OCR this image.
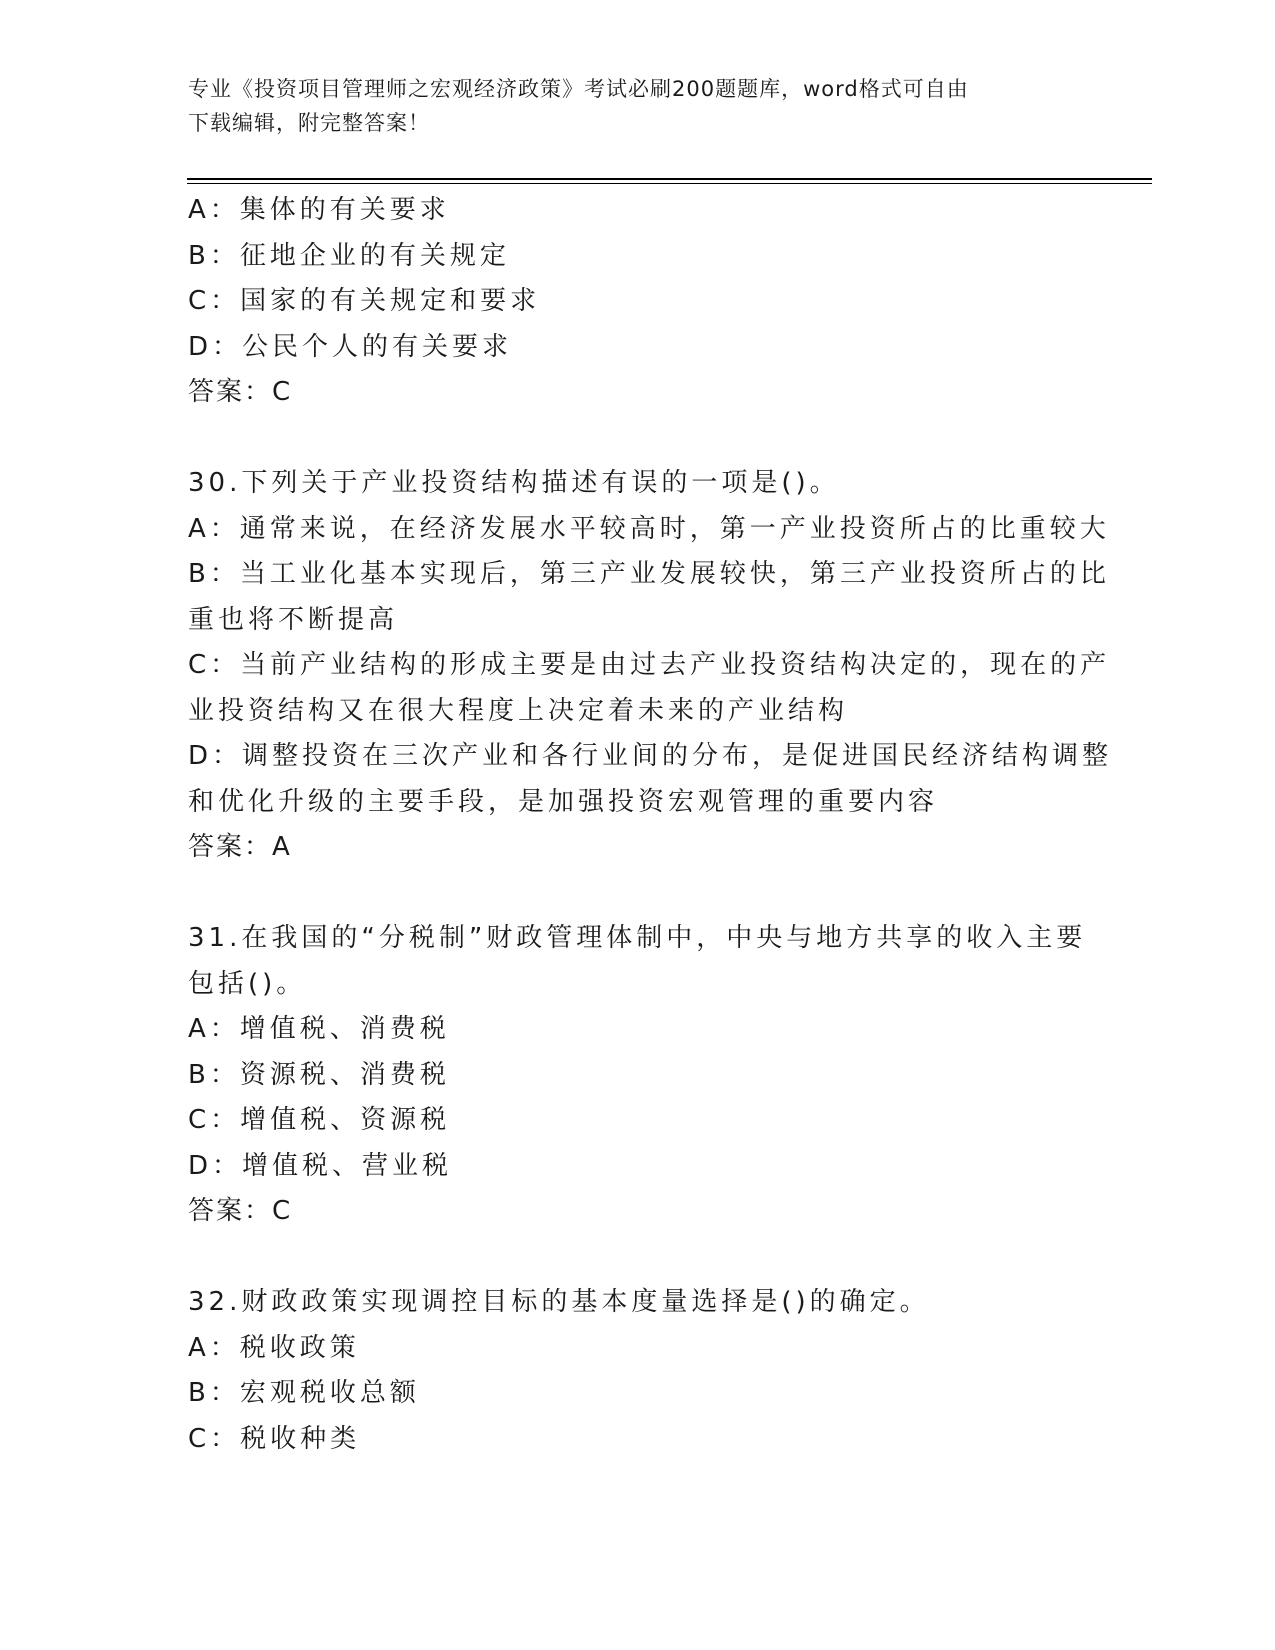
专业《投资项目管理师之宏观经济政策》考试必刷200题题库，word格式可自由
下载编辑，附完整答案！
A：集体的有关要求
B：征地企业的有关规定
C：国家的有关规定和要求
D：公民个人的有关要求
答案：C
30.下列关于产业投资结构描述有误的一项是()。
A：通常来说，在经济发展水平较高时，第一产业投资所占的比重较大
B：当工业化基本实现后，第三产业发展较快，第三产业投资所占的比
重也将不断提高
C：当前产业结构的形成主要是由过去产业投资结构决定的，现在的产
业投资结构又在很大程度上决定着未来的产业结构
D：调整投资在三次产业和各行业间的分布，是促进国民经济结构调整
和优化升级的主要手段，是加强投资宏观管理的重要内容
答案：A
31.在我国的“分税制”财政管理体制中，中央与地方共享的收入主要
包括()。
A：增值税、消费税
B：资源税、消费税
C：增值税、资源税
D：增值税、营业税
答案：C
32.财政政策实现调控目标的基本度量选择是()的确定。
A：税收政策
B：宏观税收总额
C：税收种类
